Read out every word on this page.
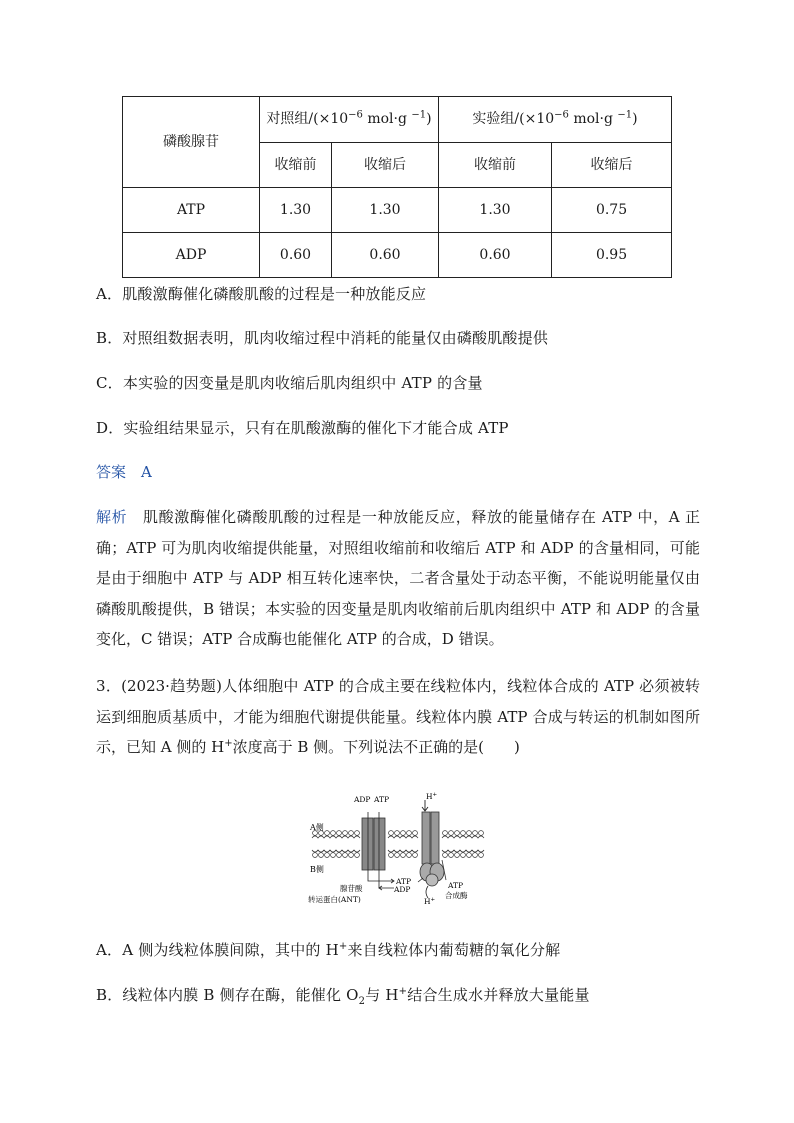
磷酸腺苷	对照组$/(\times 10^{-6}$ mol·g $^{-1}$)		实验组$/(\times 10^{-6}$ mol·g $^{-1}$)	
	收缩前	收缩后	收缩前	收缩后
ATP	1.30	1.30	1.30	0.75
ADP	0.60	0.60	0.60	0.95
A．肌酸激酶催化磷酸肌酸的过程是一种放能反应
B．对照组数据表明，肌肉收缩过程中消耗的能量仅由磷酸肌酸提供
C．本实验的因变量是肌肉收缩后肌肉组织中 ATP 的含量
D．实验组结果显示，只有在肌酸激酶的催化下才能合成 ATP
答案　 A
解析　 肌酸激酶催化磷酸肌酸的过程是一种放能反应，释放的能量储存在 ATP 中，A 正确；ATP 可为肌肉收缩提供能量，对照组收缩前和收缩后 ATP 和 ADP 的含量相同，可能是由于细胞中 ATP 与 ADP 相互转化速率快，二者含量处于动态平衡，不能说明能量仅由磷酸肌酸提供，B 错误；本实验的因变量是肌肉收缩前后肌肉组织中 ATP 和 ADP 的含量变化，C 错误；ATP 合成酶也能催化 ATP 的合成，D 错误。
3．(2023·趋势题)人体细胞中 ATP 的合成主要在线粒体内，线粒体合成的 ATP 必须被转运到细胞质基质中，才能为细胞代谢提供能量。线粒体内膜 ATP 合成与转运的机制如图所示，已知 A 侧的 H+浓度高于 B 侧。下列说法不正确的是(　　)
A侧
B侧
ADP ATP	H+
ATP
ADP
腺苷酸
转运蛋白(ANT)	H+
ATP
合成酶
A．A 侧为线粒体膜间隙，其中的 H+来自线粒体内葡萄糖的氧化分解
B．线粒体内膜 B 侧存在酶，能催化 $O_2$与 H+结合生成水并释放大量能量
